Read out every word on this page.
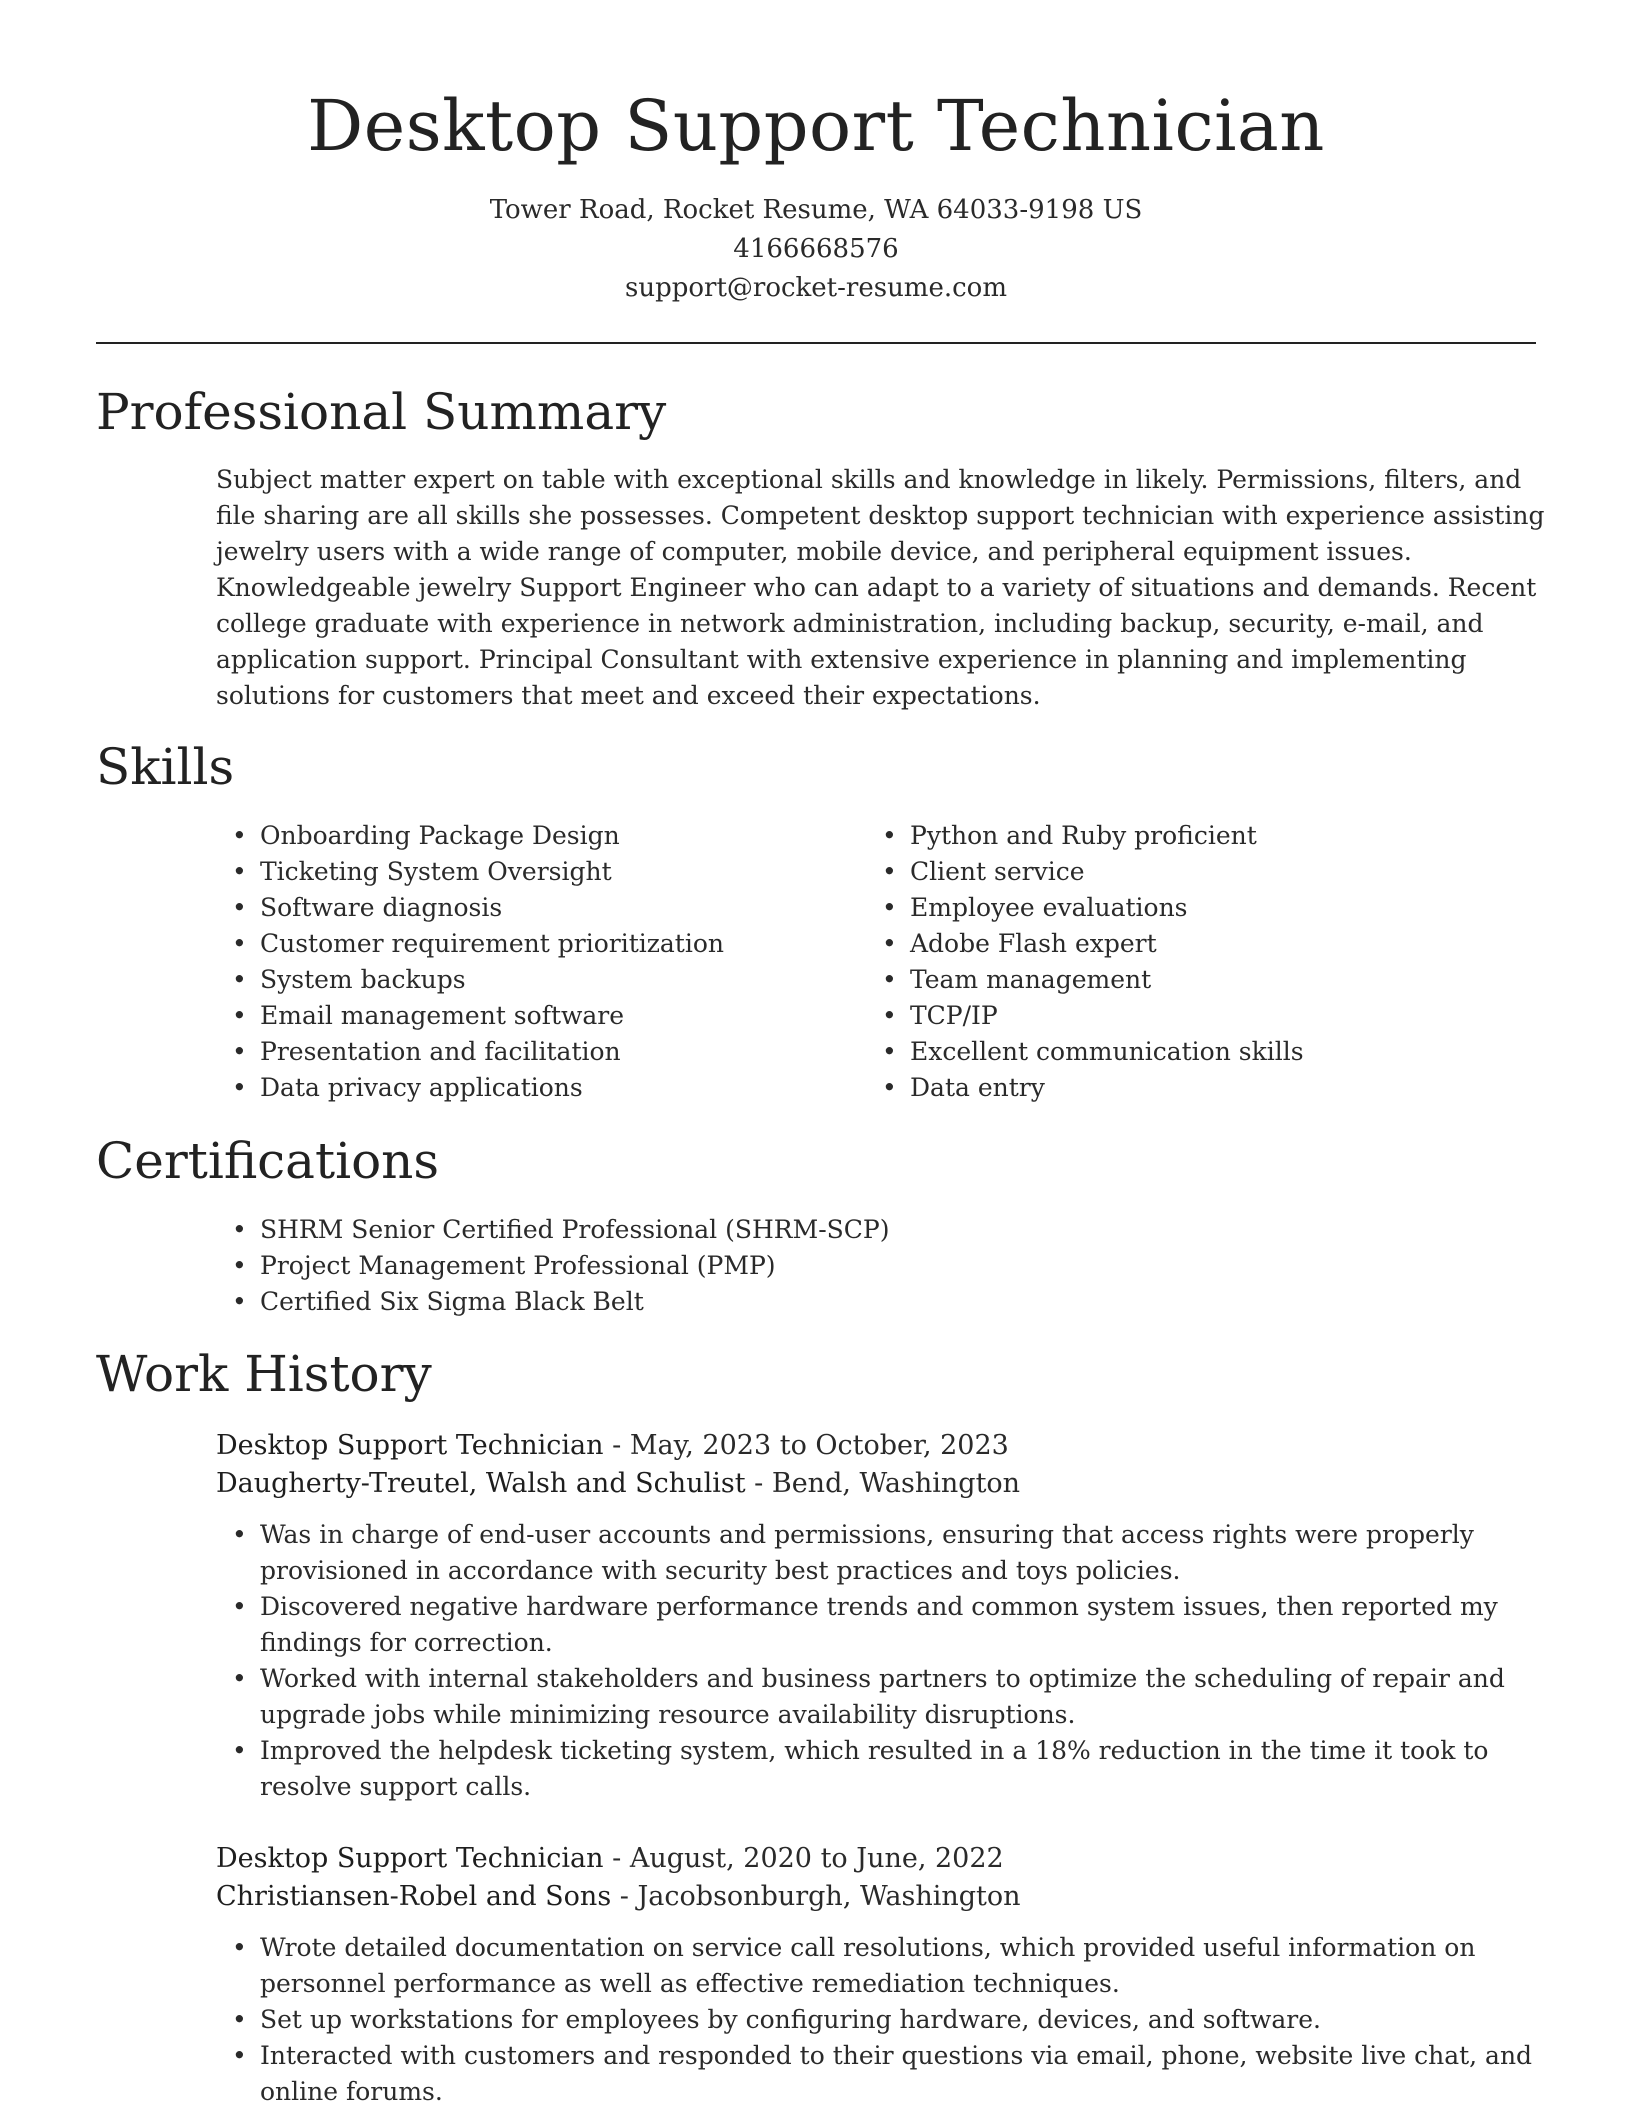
Desktop Support Technician
Tower Road, Rocket Resume, WA 64033-9198 US
4166668576
support@rocket-resume.com
Professional Summary

Subject matter expert on table with exceptional skills and knowledge in likely. Permissions, filters, and file sharing are all skills she possesses. Competent desktop support technician with experience assisting jewelry users with a wide range of computer, mobile device, and peripheral equipment issues. Knowledgeable jewelry Support Engineer who can adapt to a variety of situations and demands. Recent college graduate with experience in network administration, including backup, security, e-mail, and application support. Principal Consultant with extensive experience in planning and implementing solutions for customers that meet and exceed their expectations.

Skills
• Onboarding Package Design
• Ticketing System Oversight
• Software diagnosis
• Customer requirement prioritization
• System backups
• Email management software
• Presentation and facilitation
• Data privacy applications
• Python and Ruby proficient
• Client service
• Employee evaluations
• Adobe Flash expert
• Team management
• TCP/IP
• Excellent communication skills
• Data entry
Certifications
• SHRM Senior Certified Professional (SHRM-SCP)
• Project Management Professional (PMP)
• Certified Six Sigma Black Belt
Work History
Desktop Support Technician - May, 2023 to October, 2023
Daugherty-Treutel, Walsh and Schulist - Bend, Washington
• Was in charge of end-user accounts and permissions, ensuring that access rights were properly provisioned in accordance with security best practices and toys policies.
• Discovered negative hardware performance trends and common system issues, then reported my findings for correction.
• Worked with internal stakeholders and business partners to optimize the scheduling of repair and upgrade jobs while minimizing resource availability disruptions.
• Improved the helpdesk ticketing system, which resulted in a 18% reduction in the time it took to resolve support calls.
Desktop Support Technician - August, 2020 to June, 2022
Christiansen-Robel and Sons - Jacobsonburgh, Washington
• Wrote detailed documentation on service call resolutions, which provided useful information on personnel performance as well as effective remediation techniques.
• Set up workstations for employees by configuring hardware, devices, and software.
• Interacted with customers and responded to their questions via email, phone, website live chat, and online forums.
